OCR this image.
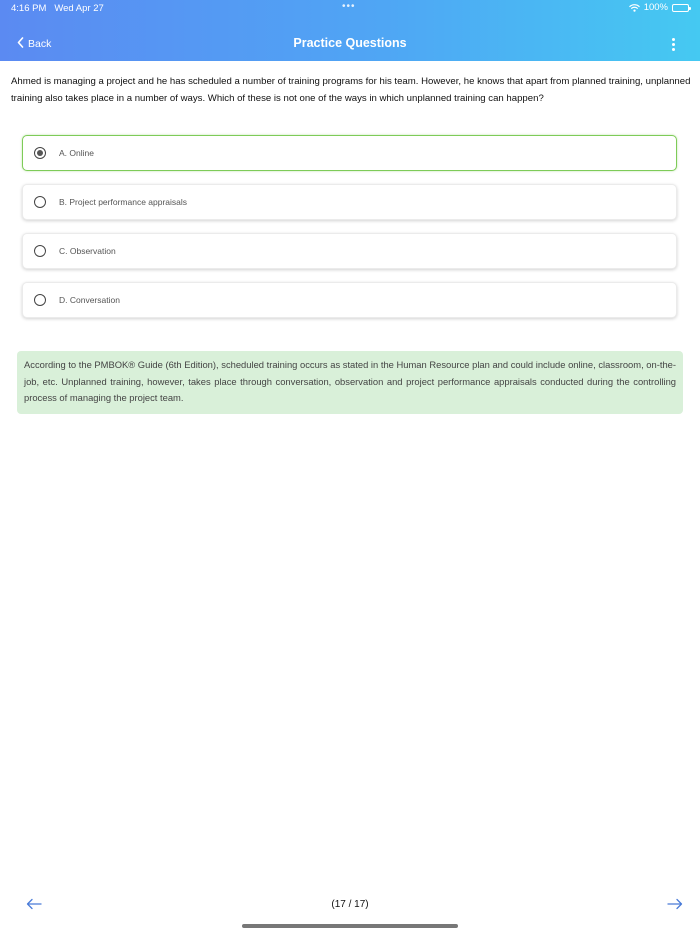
4:16 PM Wed Apr 27	•••	100%
Back	Practice Questions
Ahmed is managing a project and he has scheduled a number of training programs for his team. However, he knows that apart from planned training, unplanned training also takes place in a number of ways. Which of these is not one of the ways in which unplanned training can happen?
A. Online
B. Project performance appraisals
C. Observation
D. Conversation
According to the PMBOK® Guide (6th Edition), scheduled training occurs as stated in the Human Resource plan and could include online, classroom, on-the-job, etc. Unplanned training, however, takes place through conversation, observation and project performance appraisals conducted during the controlling process of managing the project team.
(17 / 17)
